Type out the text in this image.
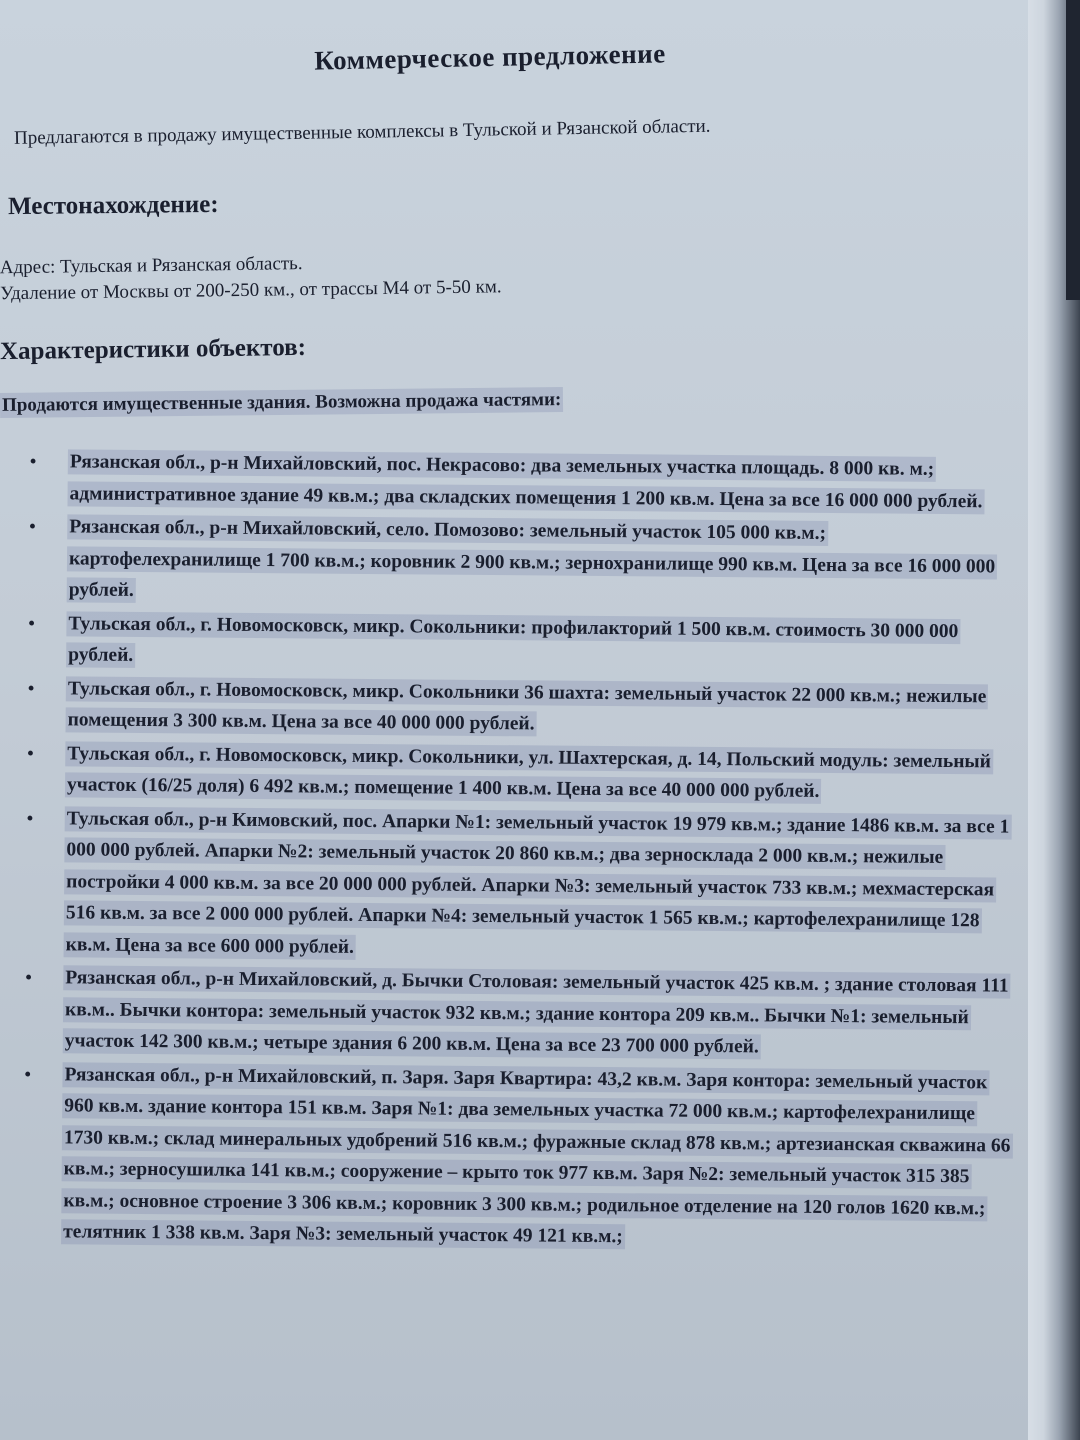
Коммерческое предложение
Предлагаются в продажу имущественные комплексы в Тульской и Рязанской области.
Местонахождение:
Адрес: Тульская и Рязанская область.
Удаление от Москвы от 200-250 км., от трассы М4 от 5-50 км.
Характеристики объектов:
Продаются имущественные здания. Возможна продажа частями:
• Рязанская обл., р-н Михайловский, пос. Некрасово: два земельных участка площадь. 8 000 кв. м.; административное здание 49 кв.м.; два складских помещения 1 200 кв.м. Цена за все 16 000 000 рублей.
• Рязанская обл., р-н Михайловский, село. Помозово: земельный участок 105 000 кв.м.; картофелехранилище 1 700 кв.м.; коровник 2 900 кв.м.; зернохранилище 990 кв.м. Цена за все 16 000 000 рублей.
• Тульская обл., г. Новомосковск, микр. Сокольники: профилакторий 1 500 кв.м. стоимость 30 000 000 рублей.
• Тульская обл., г. Новомосковск, микр. Сокольники 36 шахта: земельный участок 22 000 кв.м.; нежилые помещения 3 300 кв.м. Цена за все 40 000 000 рублей.
• Тульская обл., г. Новомосковск, микр. Сокольники, ул. Шахтерская, д. 14, Польский модуль: земельный участок (16/25 доля) 6 492 кв.м.; помещение 1 400 кв.м. Цена за все 40 000 000 рублей.
• Тульская обл., р-н Кимовский, пос. Апарки №1: земельный участок 19 979 кв.м.; здание 1486 кв.м. за все 1 000 000 рублей. Апарки №2: земельный участок 20 860 кв.м.; два зерносклада 2 000 кв.м.; нежилые постройки 4 000 кв.м. за все 20 000 000 рублей. Апарки №3: земельный участок 733 кв.м.; мехмастерская 516 кв.м. за все 2 000 000 рублей. Апарки №4: земельный участок 1 565 кв.м.; картофелехранилище 128 кв.м. Цена за все 600 000 рублей.
• Рязанская обл., р-н Михайловский, д. Бычки Столовая: земельный участок 425 кв.м. ; здание столовая 111 кв.м.. Бычки контора: земельный участок 932 кв.м.; здание контора 209 кв.м.. Бычки №1: земельный участок 142 300 кв.м.; четыре здания 6 200 кв.м. Цена за все 23 700 000 рублей.
• Рязанская обл., р-н Михайловский, п. Заря. Заря Квартира: 43,2 кв.м. Заря контора: земельный участок 960 кв.м. здание контора 151 кв.м. Заря №1: два земельных участка 72 000 кв.м.; картофелехранилище 1730 кв.м.; склад минеральных удобрений 516 кв.м.; фуражные склад 878 кв.м.; артезианская скважина 66 кв.м.; зерносушилка 141 кв.м.; сооружение – крыто ток 977 кв.м. Заря №2: земельный участок 315 385 кв.м.; основное строение 3 306 кв.м.; коровник 3 300 кв.м.; родильное отделение на 120 голов 1620 кв.м.; телятник 1 338 кв.м. Заря №3: земельный участок 49 121 кв.м.;
